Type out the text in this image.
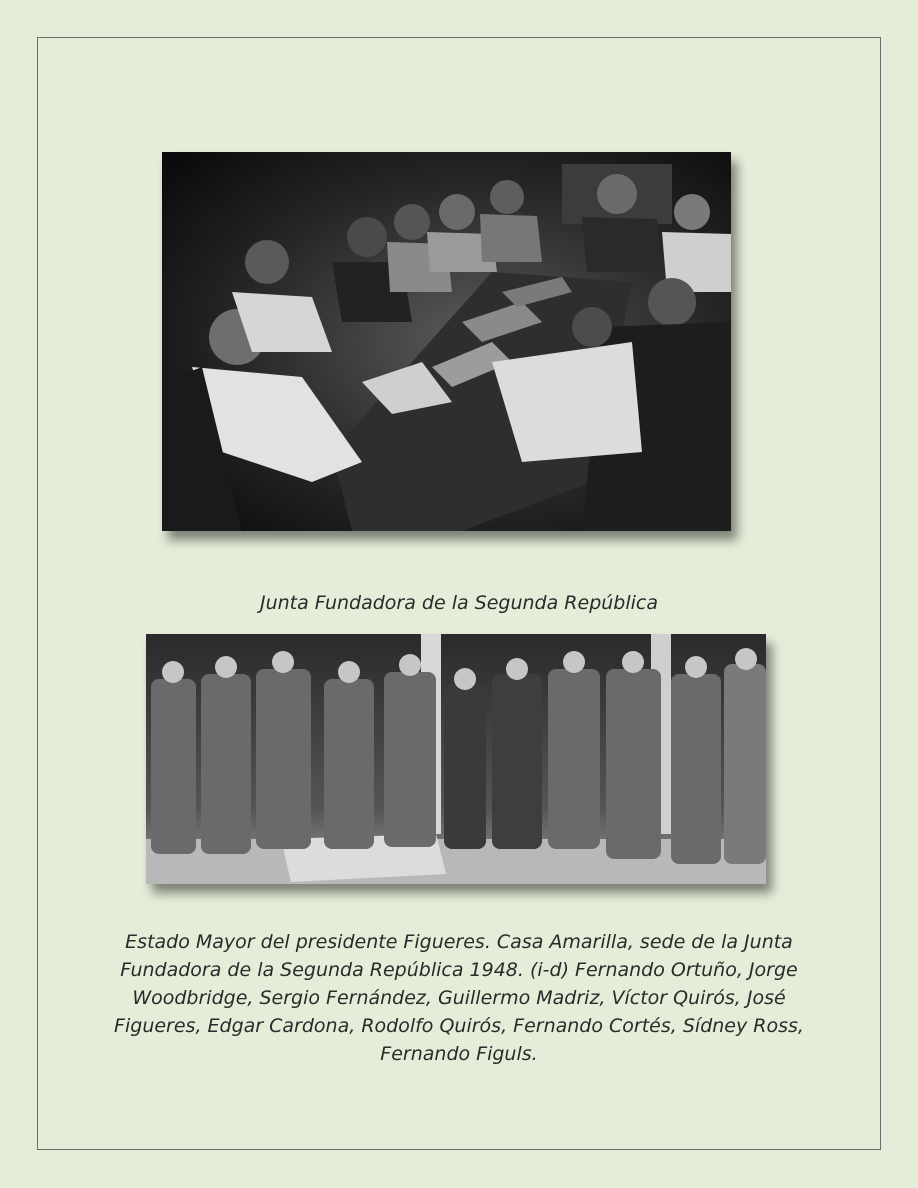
Junta Fundadora de la Segunda República
Estado Mayor del presidente Figueres. Casa Amarilla, sede de la Junta Fundadora de la Segunda República 1948. (i-d) Fernando Ortuño, Jorge Woodbridge, Sergio Fernández, Guillermo Madriz, Víctor Quirós, José Figueres, Edgar Cardona, Rodolfo Quirós, Fernando Cortés, Sídney Ross, Fernando Figuls.
